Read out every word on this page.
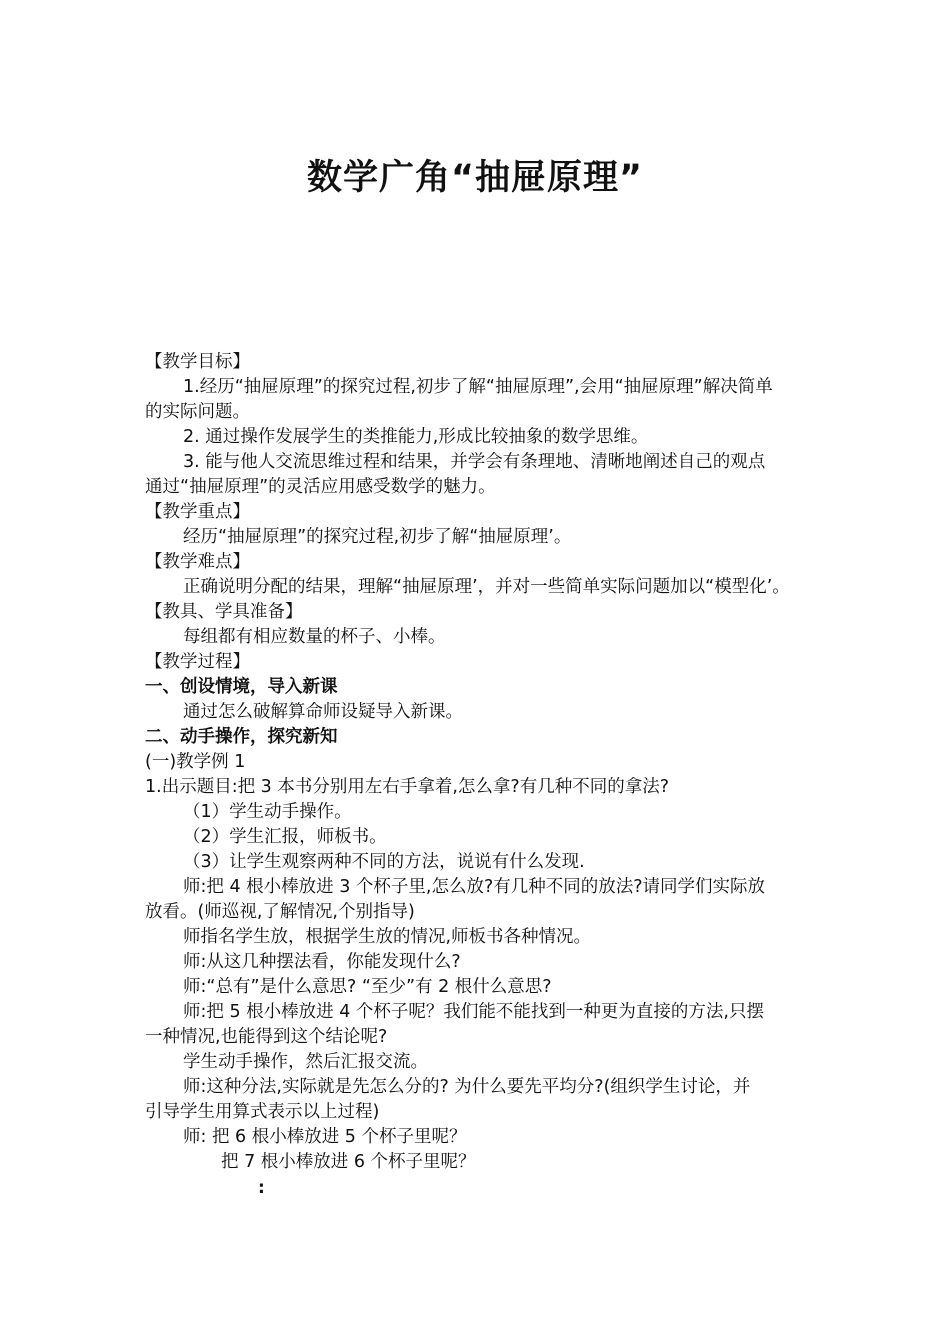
数学广角“抽屉原理”
【教学目标】
1.经历“抽屉原理”的探究过程,初步了解“抽屉原理”,会用“抽屉原理”解决简单
的实际问题。
2. 通过操作发展学生的类推能力,形成比较抽象的数学思维。
3. 能与他人交流思维过程和结果，并学会有条理地、清晰地阐述自己的观点
通过“抽屉原理”的灵活应用感受数学的魅力。
【教学重点】
经历“抽屉原理”的探究过程,初步了解“抽屉原理’。
【教学难点】
正确说明分配的结果，理解“抽屉原理’，并对一些简单实际问题加以“模型化’。
【教具、学具准备】
每组都有相应数量的杯子、小棒。
【教学过程】
一、创设情境，导入新课
通过怎么破解算命师设疑导入新课。
二、动手操作，探究新知
(一)教学例 1
1.出示题目:把 3 本书分别用左右手拿着,怎么拿?有几种不同的拿法?
（1）学生动手操作。
（2）学生汇报，师板书。
（3）让学生观察两种不同的方法，说说有什么发现.
师:把 4 根小棒放进 3 个杯子里,怎么放?有几种不同的放法?请同学们实际放
放看。(师巡视,了解情况,个别指导)
师指名学生放，根据学生放的情况,师板书各种情况。
师:从这几种摆法看，你能发现什么?
师:“总有”是什么意思? “至少”有 2 根什么意思?
师:把 5 根小棒放进 4 个杯子呢？我们能不能找到一种更为直接的方法,只摆
一种情况,也能得到这个结论呢?
学生动手操作，然后汇报交流。
师:这种分法,实际就是先怎么分的? 为什么要先平均分?(组织学生讨论，并
引导学生用算式表示以上过程)
师: 把 6 根小棒放进 5 个杯子里呢？
把 7 根小棒放进 6 个杯子里呢？
:
